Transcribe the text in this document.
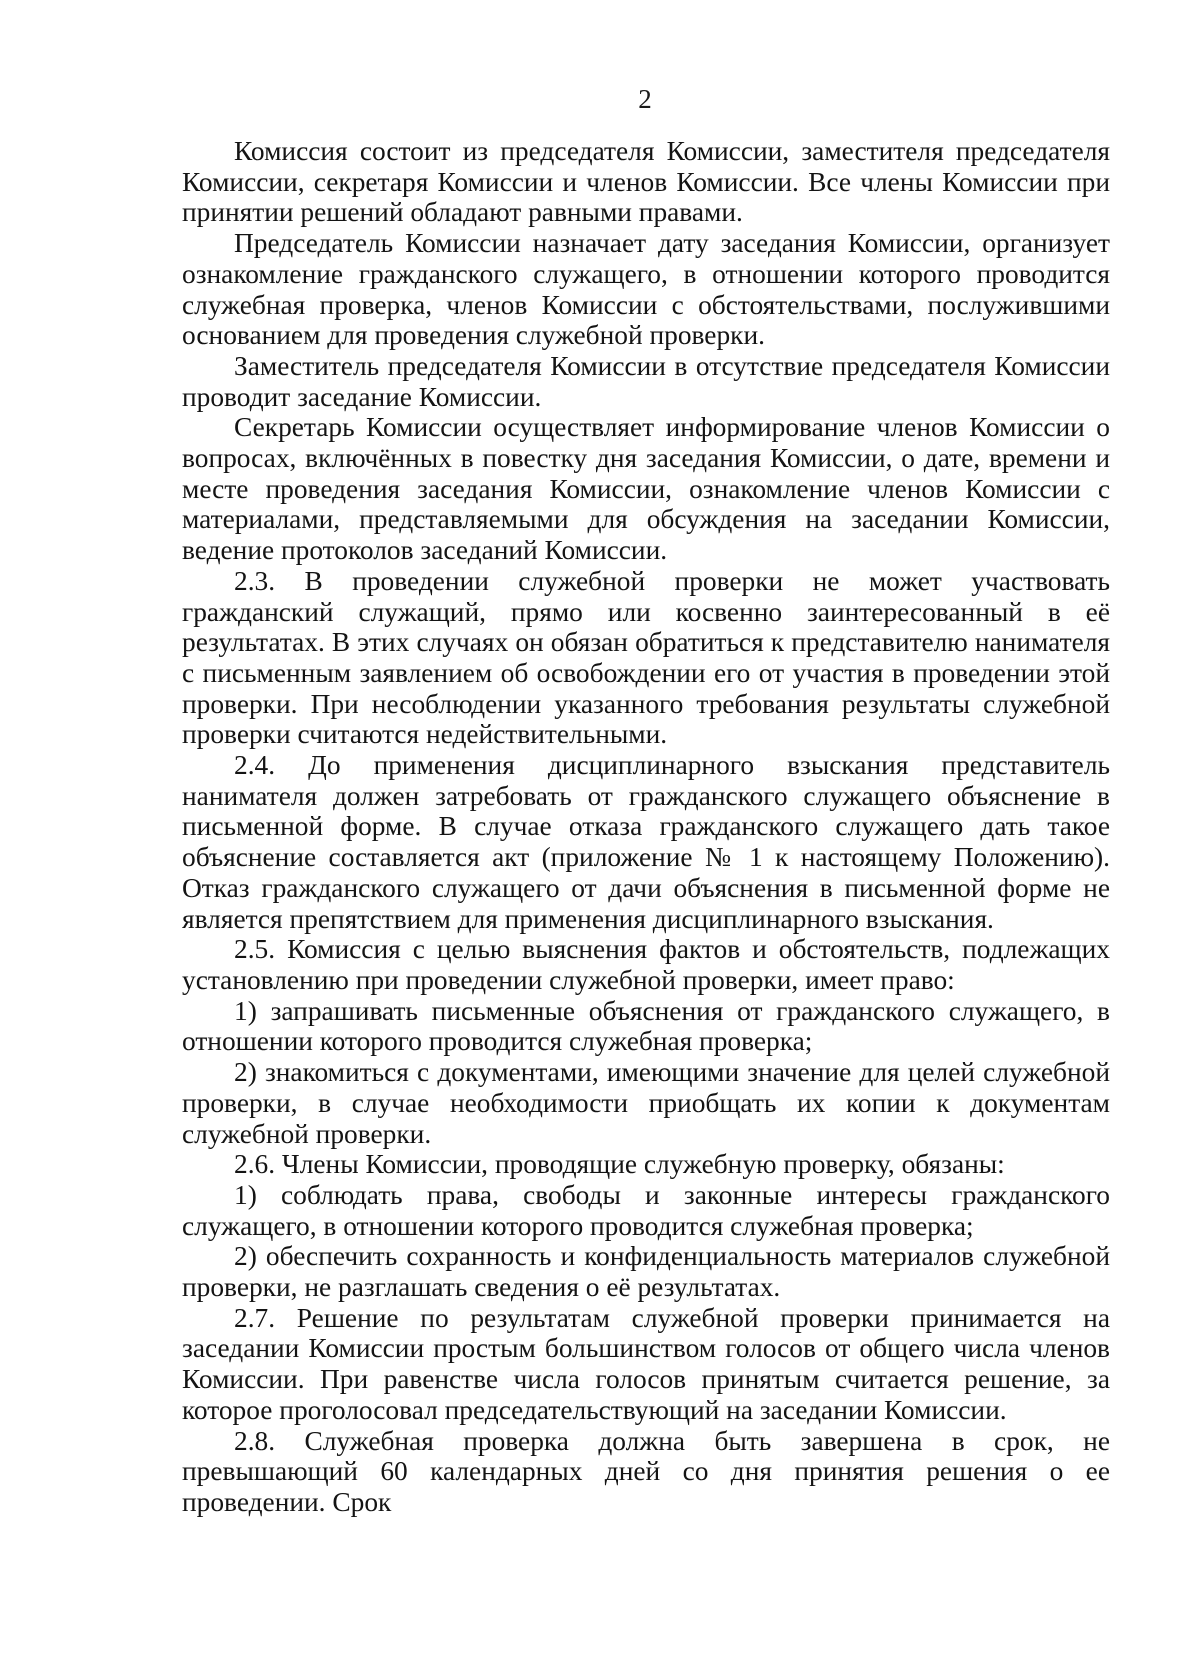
2

Комиссия состоит из председателя Комиссии, заместителя председателя Комиссии, секретаря Комиссии и членов Комиссии. Все члены Комиссии при принятии решений обладают равными правами.

Председатель Комиссии назначает дату заседания Комиссии, организует ознакомление гражданского служащего, в отношении которого проводится служебная проверка, членов Комиссии с обстоятельствами, послужившими основанием для проведения служебной проверки.

Заместитель председателя Комиссии в отсутствие председателя Комиссии проводит заседание Комиссии.

Секретарь Комиссии осуществляет информирование членов Комиссии о вопросах, включённых в повестку дня заседания Комиссии, о дате, времени и месте проведения заседания Комиссии, ознакомление членов Комиссии с материалами, представляемыми для обсуждения на заседании Комиссии, ведение протоколов заседаний Комиссии.

2.3. В проведении служебной проверки не может участвовать гражданский служащий, прямо или косвенно заинтересованный в её результатах. В этих случаях он обязан обратиться к представителю нанимателя с письменным заявлением об освобождении его от участия в проведении этой проверки. При несоблюдении указанного требования результаты служебной проверки считаются недействительными.

2.4. До применения дисциплинарного взыскания представитель нанимателя должен затребовать от гражданского служащего объяснение в письменной форме. В случае отказа гражданского служащего дать такое объяснение составляется акт (приложение № 1 к настоящему Положению). Отказ гражданского служащего от дачи объяснения в письменной форме не является препятствием для применения дисциплинарного взыскания.

2.5. Комиссия с целью выяснения фактов и обстоятельств, подлежащих установлению при проведении служебной проверки, имеет право:

1) запрашивать письменные объяснения от гражданского служащего, в отношении которого проводится служебная проверка;

2) знакомиться с документами, имеющими значение для целей служебной проверки, в случае необходимости приобщать их копии к документам служебной проверки.

2.6. Члены Комиссии, проводящие служебную проверку, обязаны:

1) соблюдать права, свободы и законные интересы гражданского служащего, в отношении которого проводится служебная проверка;

2) обеспечить сохранность и конфиденциальность материалов служебной проверки, не разглашать сведения о её результатах.

2.7. Решение по результатам служебной проверки принимается на заседании Комиссии простым большинством голосов от общего числа членов Комиссии. При равенстве числа голосов принятым считается решение, за которое проголосовал председательствующий на заседании Комиссии.

2.8. Служебная проверка должна быть завершена в срок, не превышающий 60 календарных дней со дня принятия решения о ее проведении. Срок
